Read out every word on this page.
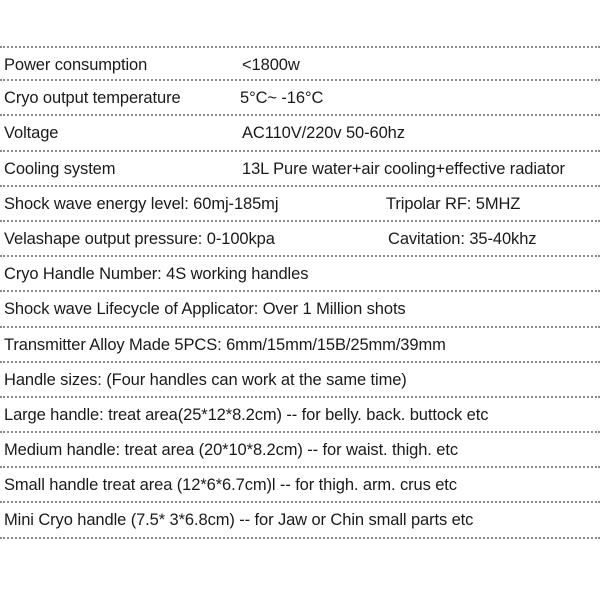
Power consumption	<1800w
Cryo output temperature	5°C~ -16°C
Voltage	AC110V/220v 50-60hz
Cooling system	13L Pure water+air cooling+effective radiator
Shock wave energy level: 60mj-185mj	Tripolar RF: 5MHZ
Velashape output pressure: 0-100kpa	Cavitation: 35-40khz
Cryo Handle Number: 4S working handles
Shock wave Lifecycle of Applicator: Over 1 Million shots
Transmitter Alloy Made 5PCS: 6mm/15mm/15B/25mm/39mm
Handle sizes: (Four handles can work at the same time)
Large handle: treat area(25*12*8.2cm) -- for belly. back. buttock etc
Medium handle: treat area (20*10*8.2cm) -- for waist. thigh. etc
Small handle treat area (12*6*6.7cm)l -- for thigh. arm. crus etc
Mini Cryo handle (7.5* 3*6.8cm) -- for Jaw or Chin small parts etc
